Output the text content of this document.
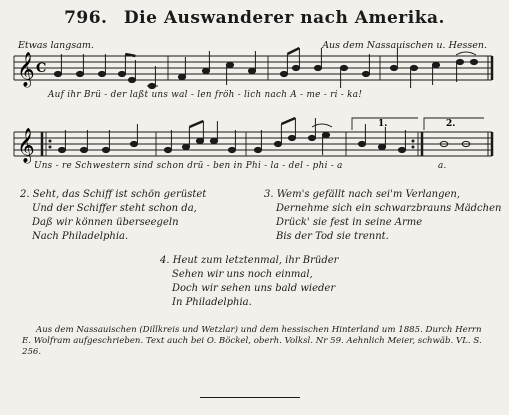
796. Die Auswanderer nach Amerika.
Etwas langsam.	Aus dem Nassauischen u. Hessen.
𝄞 C
𝄞
1.	2.
Auf ihr Brü - der laßt uns wal - len fröh - lich nach A - me - ri - ka!
Uns - re Schwestern sind schon drü - ben in Phi - la - del - phi - a	a.
2. Seht, das Schiff ist schön gerüstet
Und der Schiffer steht schon da,
Daß wir können überseegeln
Nach Philadelphia.
3. Wem's gefällt nach sei'm Verlangen,
Dernehme sich ein schwarzbrauns Mädchen
Drück' sie fest in seine Arme
Bis der Tod sie trennt.
4. Heut zum letztenmal, ihr Brüder
Sehen wir uns noch einmal,
Doch wir sehen uns bald wieder
In Philadelphia.
Aus dem Nassauischen (Dillkreis und Wetzlar) und dem hessischen Hinterland um 1885. Durch Herrn E. Wolfram aufgeschrieben. Text auch bei O. Böckel, oberh. Volksl. Nr 59. Aehnlich Meier, schwäb. VL. S. 256.
